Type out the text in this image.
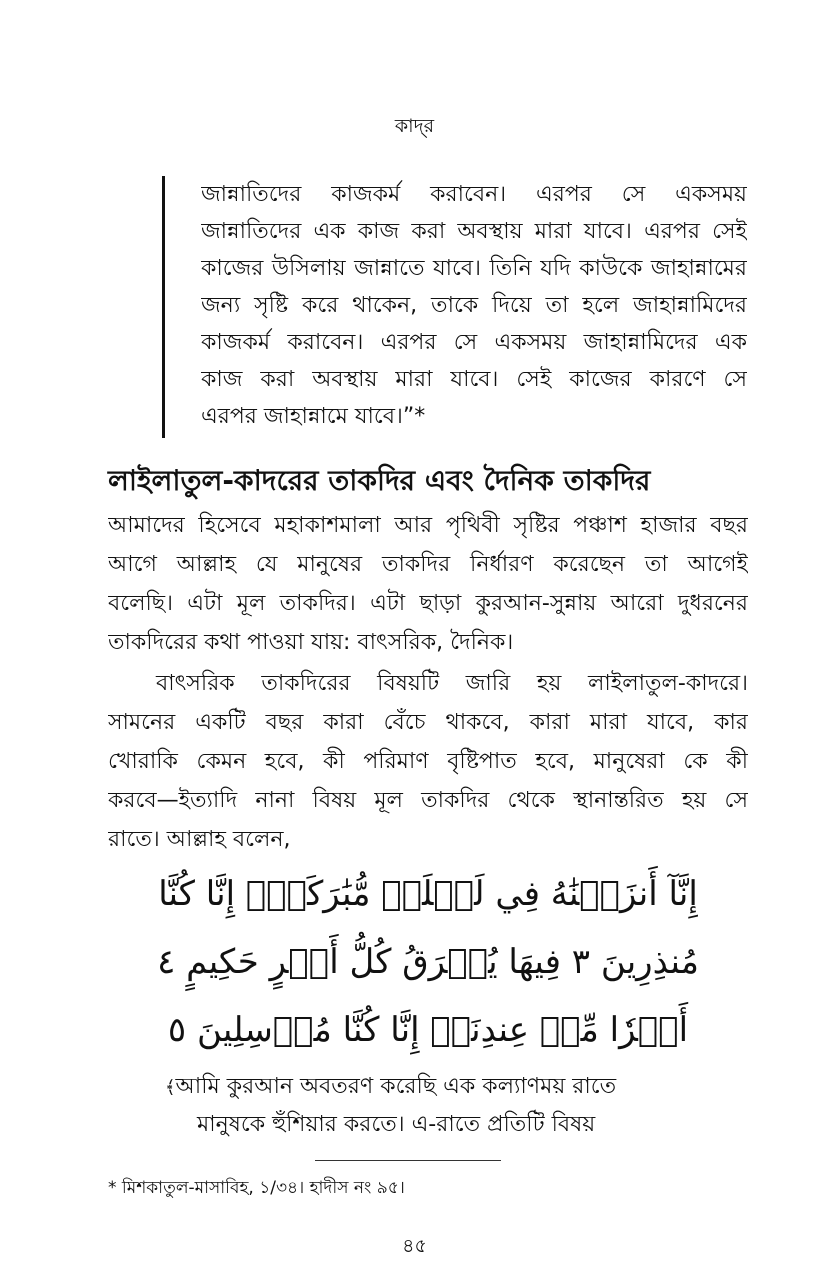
কাদ্‌র
জান্নাতিদের কাজকর্ম করাবেন। এরপর সে একসময়
জান্নাতিদের এক কাজ করা অবস্থায় মারা যাবে। এরপর সেই
কাজের উসিলায় জান্নাতে যাবে। তিনি যদি কাউকে জাহান্নামের
জন্য সৃষ্টি করে থাকেন, তাকে দিয়ে তা হলে জাহান্নামিদের
কাজকর্ম করাবেন। এরপর সে একসময় জাহান্নামিদের এক
কাজ করা অবস্থায় মারা যাবে। সেই কাজের কারণে সে
এরপর জাহান্নামে যাবে।”*
লাইলাতুল-কাদরের তাকদির এবং দৈনিক তাকদির
আমাদের হিসেবে মহাকাশমালা আর পৃথিবী সৃষ্টির পঞ্চাশ হাজার বছর
আগে আল্লাহ যে মানুষের তাকদির নির্ধারণ করেছেন তা আগেই
বলেছি। এটা মূল তাকদির। এটা ছাড়া কুরআন-সুন্নায় আরো দুধরনের
তাকদিরের কথা পাওয়া যায়: বাৎসরিক, দৈনিক।
বাৎসরিক তাকদিরের বিষয়টি জারি হয় লাইলাতুল-কাদরে।
সামনের একটি বছর কারা বেঁচে থাকবে, কারা মারা যাবে, কার
খোরাকি কেমন হবে, কী পরিমাণ বৃষ্টিপাত হবে, মানুষেরা কে কী
করবে—ইত্যাদি নানা বিষয় মূল তাকদির থেকে স্থানান্তরিত হয় সে
রাতে। আল্লাহ বলেন,
إِنَّآ أَنزَلۡنَٰهُ فِي لَيۡلَةٖ مُّبَٰرَكَةٍۚ إِنَّا كُنَّا
مُنذِرِينَ ٣ فِيهَا يُفۡرَقُ كُلُّ أَمۡرٍ حَكِيمٍ ٤
أَمۡرٗا مِّنۡ عِندِنَآۚ إِنَّا كُنَّا مُرۡسِلِينَ ٥
﴾আমি কুরআন অবতরণ করেছি এক কল্যাণময় রাতে
মানুষকে হুঁশিয়ার করতে। এ-রাতে প্রতিটি বিষয়
* মিশকাতুল-মাসাবিহ, ১/৩৪। হাদীস নং ৯৫।
৪৫
